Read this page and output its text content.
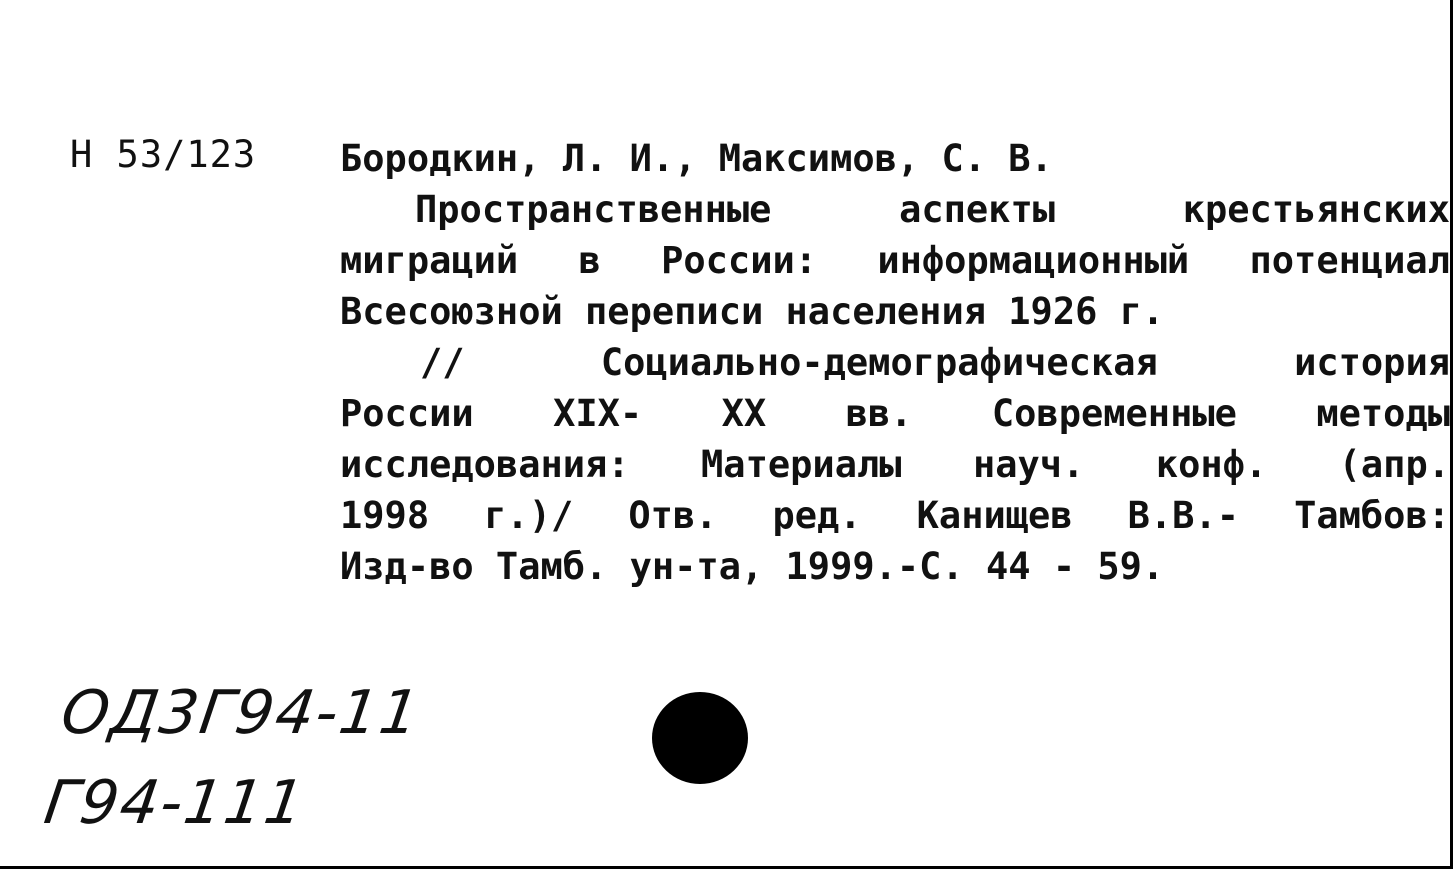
Н 53/123 Бородкин, Л. И., Максимов, С. В.
Пространственные аспекты крестьянских
миграций в России: информационный потенциал
Всесоюзной переписи населения 1926 г.
// Социально-демографическая история
России XIX- XX вв. Современные методы
исследования: Материалы науч. конф. (апр.
1998 г.)/ Отв. ред. Канищев В.В.- Тамбов:
Изд-во Тамб. ун-та, 1999.-С. 44 - 59.
ОД3Г94-11
Г94-111
